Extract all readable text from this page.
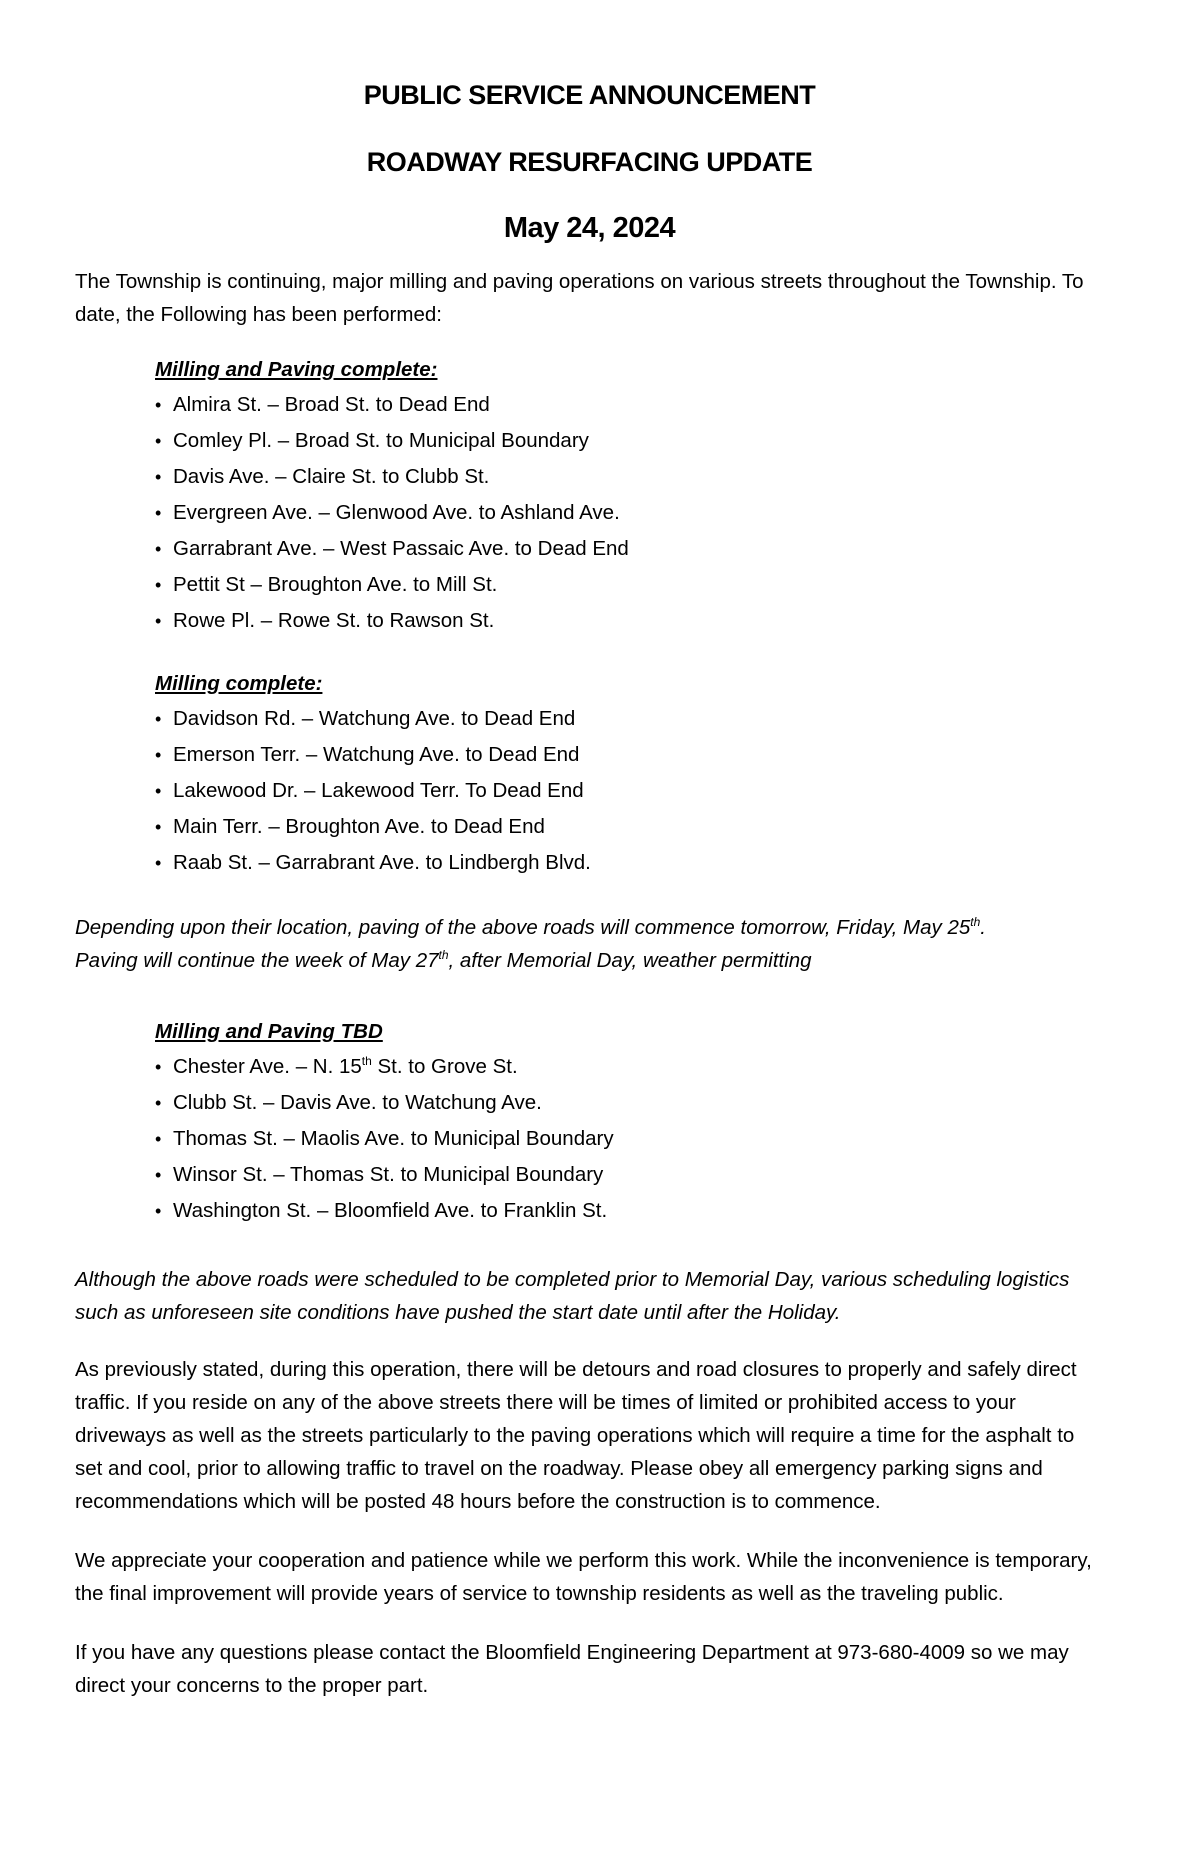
PUBLIC SERVICE ANNOUNCEMENT
ROADWAY RESURFACING UPDATE
May 24, 2024

The Township is continuing, major milling and paving operations on various streets throughout the Township. To date, the Following has been performed:

Milling and Paving complete:

• Almira St. – Broad St. to Dead End
• Comley Pl. – Broad St. to Municipal Boundary
• Davis Ave. – Claire St. to Clubb St.
• Evergreen Ave. – Glenwood Ave. to Ashland Ave.
• Garrabrant Ave. – West Passaic Ave. to Dead End
• Pettit St – Broughton Ave. to Mill St.
• Rowe Pl. – Rowe St. to Rawson St.

Milling complete:

• Davidson Rd. – Watchung Ave. to Dead End
• Emerson Terr. – Watchung Ave. to Dead End
• Lakewood Dr. – Lakewood Terr. To Dead End
• Main Terr. – Broughton Ave. to Dead End
• Raab St. – Garrabrant Ave. to Lindbergh Blvd.

Depending upon their location, paving of the above roads will commence tomorrow, Friday, May 25th.
Paving will continue the week of May 27th, after Memorial Day, weather permitting

Milling and Paving TBD

• Chester Ave. – N. 15th St. to Grove St.
• Clubb St. – Davis Ave. to Watchung Ave.
• Thomas St. – Maolis Ave. to Municipal Boundary
• Winsor St. – Thomas St. to Municipal Boundary
• Washington St. – Bloomfield Ave. to Franklin St.

Although the above roads were scheduled to be completed prior to Memorial Day, various scheduling logistics such as unforeseen site conditions have pushed the start date until after the Holiday.

As previously stated, during this operation, there will be detours and road closures to properly and safely direct traffic. If you reside on any of the above streets there will be times of limited or prohibited access to your driveways as well as the streets particularly to the paving operations which will require a time for the asphalt to set and cool, prior to allowing traffic to travel on the roadway. Please obey all emergency parking signs and recommendations which will be posted 48 hours before the construction is to commence.

We appreciate your cooperation and patience while we perform this work. While the inconvenience is temporary, the final improvement will provide years of service to township residents as well as the traveling public.

If you have any questions please contact the Bloomfield Engineering Department at 973-680-4009 so we may direct your concerns to the proper part.
